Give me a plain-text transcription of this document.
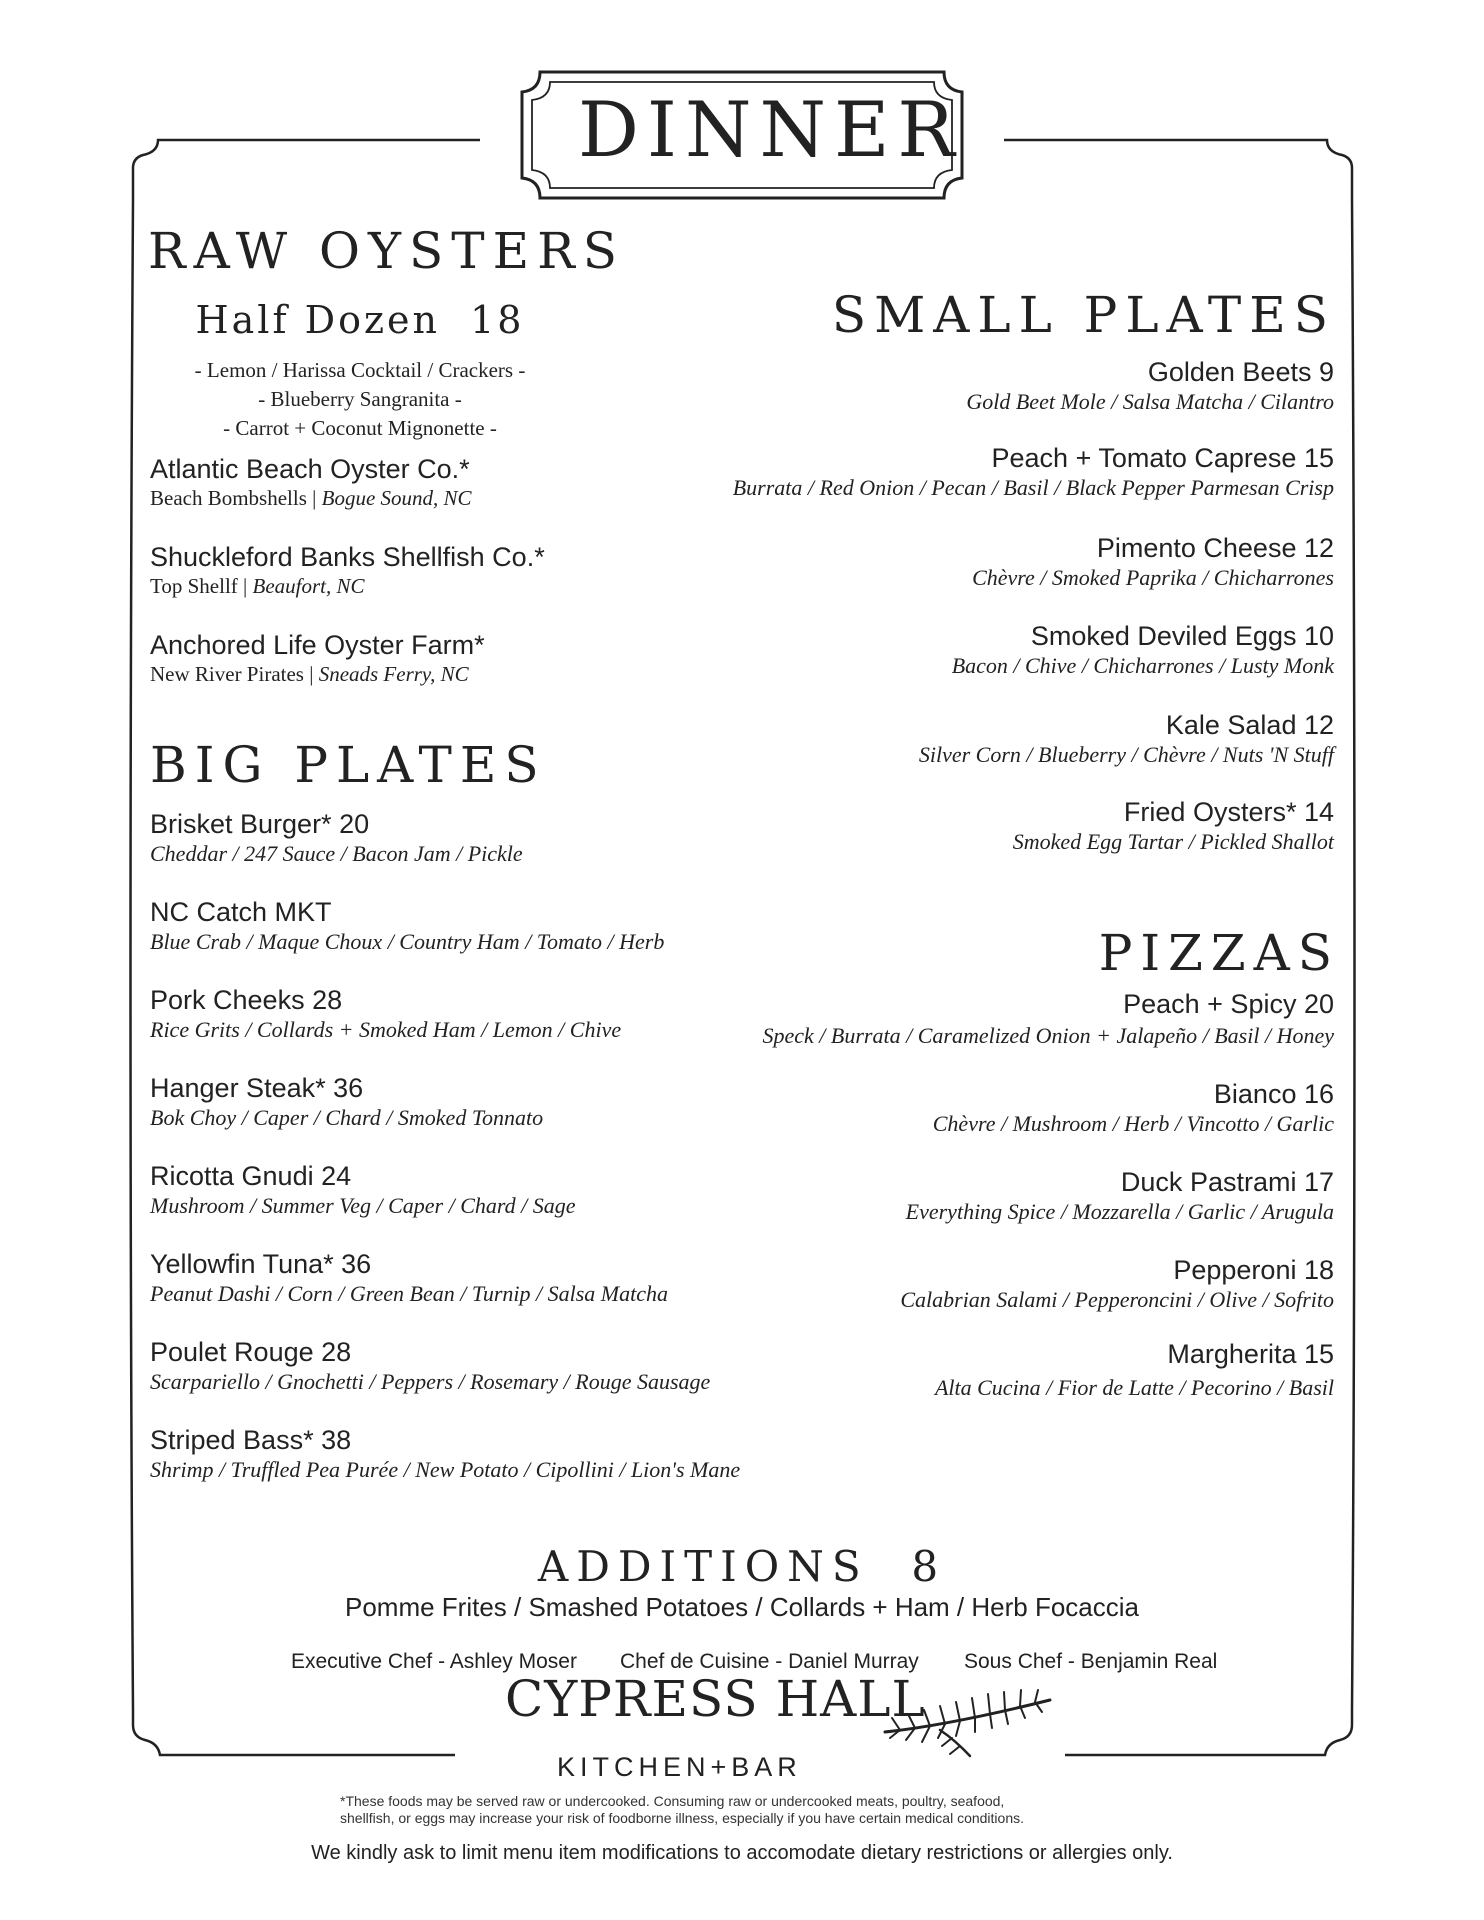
DINNER
RAW OYSTERS
Half Dozen 18
- Lemon / Harissa Cocktail / Crackers -
- Blueberry Sangranita -
- Carrot + Coconut Mignonette -
Atlantic Beach Oyster Co.*
Beach Bombshells | Bogue Sound, NC
Shuckleford Banks Shellfish Co.*
Top Shellf | Beaufort, NC
Anchored Life Oyster Farm*
New River Pirates | Sneads Ferry, NC
BIG PLATES
Brisket Burger* 20
Cheddar / 247 Sauce / Bacon Jam / Pickle
NC Catch MKT
Blue Crab / Maque Choux / Country Ham / Tomato / Herb
Pork Cheeks 28
Rice Grits / Collards + Smoked Ham / Lemon / Chive
Hanger Steak* 36
Bok Choy / Caper / Chard / Smoked Tonnato
Ricotta Gnudi 24
Mushroom / Summer Veg / Caper / Chard / Sage
Yellowfin Tuna* 36
Peanut Dashi / Corn / Green Bean / Turnip / Salsa Matcha
Poulet Rouge 28
Scarpariello / Gnochetti / Peppers / Rosemary / Rouge Sausage
Striped Bass* 38
Shrimp / Truffled Pea Purée / New Potato / Cipollini / Lion's Mane
SMALL PLATES
Golden Beets 9
Gold Beet Mole / Salsa Matcha / Cilantro
Peach + Tomato Caprese 15
Burrata / Red Onion / Pecan / Basil / Black Pepper Parmesan Crisp
Pimento Cheese 12
Chèvre / Smoked Paprika / Chicharrones
Smoked Deviled Eggs 10
Bacon / Chive / Chicharrones / Lusty Monk
Kale Salad 12
Silver Corn / Blueberry / Chèvre / Nuts 'N Stuff
Fried Oysters* 14
Smoked Egg Tartar / Pickled Shallot
PIZZAS
Peach + Spicy 20
Speck / Burrata / Caramelized Onion + Jalapeño / Basil / Honey
Bianco 16
Chèvre / Mushroom / Herb / Vincotto / Garlic
Duck Pastrami 17
Everything Spice / Mozzarella / Garlic / Arugula
Pepperoni 18
Calabrian Salami / Pepperoncini / Olive / Sofrito
Margherita 15
Alta Cucina / Fior de Latte / Pecorino / Basil
ADDITIONS 8
Pomme Frites / Smashed Potatoes / Collards + Ham / Herb Focaccia
Executive Chef - Ashley Moser Chef de Cuisine - Daniel Murray Sous Chef - Benjamin Real
CYPRESS HALL
KITCHEN+BAR
*These foods may be served raw or undercooked. Consuming raw or undercooked meats, poultry, seafood,
shellfish, or eggs may increase your risk of foodborne illness, especially if you have certain medical conditions.
We kindly ask to limit menu item modifications to accomodate dietary restrictions or allergies only.
